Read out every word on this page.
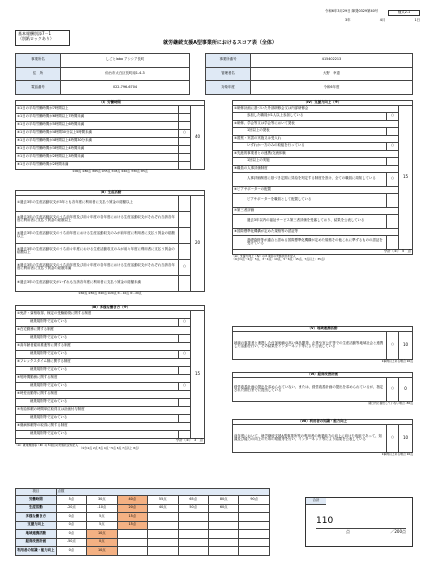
令和6年3月29日 障発0329第40号	様式2-1
3年	4月	1日
基本報酬別添7－1
（別紙ロックあり）
就労継続支援A型事業所におけるスコア表（全体）
事業所名	しごとlabo アシシア長町
住　所	仙台市太白区長町南1-4-3
電話番号	022-796-6704
事業所番号	415402213
管理者名	大野　幸恵
対象年度	令和6年度
（Ⅰ）労働時間		
①1日の平均労働時間が7時間以上		40
②1日の平均労働時間が6時間以上7時間未満		
③1日の平均労働時間が5時間以上6時間未満		
④1日の平均労働時間が4時間30分以上5時間未満	○	
⑤1日の平均労働時間が4時間以上4時間30分未満		
⑥1日の平均労働時間が3時間以上4時間未満		
⑦1日の平均労働時間が2時間以上3時間未満		
⑧1日の平均労働時間が2時間未満		
①90点 ②80点 ③65点 ④55点 ⑤45点 ⑥40点 ⑦30点 ⑧5点
（Ⅱ）生産活動		
①過去3年の生産活動収支が3年とも各年度に利用者に支払う賃金の総額以上		20
②過去3年の生産活動収支のうち前年度及び前々年度の各年度における生産活動収支がそれぞれ当該各年度に利用者に支払う賃金の総額以上		
③過去3年の生産活動収支のうち前年度における生産活動収支のみが前年度に利用者に支払う賃金の総額以上		
④過去3年の生産活動収支のうち前々年度における生産活動収支のみが前々年度に利用者に支払う賃金の総額以上		
⑤過去3年の生産活動収支のうち前年度及び前々年度の各年度における生産活動収支がそれぞれ当該各年度に利用者に支払う賃金の総額未満	○	
⑥過去3年の生産活動収支がいずれも当該各年度に利用者に支払う賃金の総額未満		
①60点 ②50点 ③40点 ④20点 ⑤－10点 ⑥－20点
（Ⅲ）多様な働き方（※）		
①免許・資格取得、検定の受験勧奨に関する制度		15
就業規則等で定めている	○	
②在宅勤務に関する制度		
就業規則等で定めている		
③高年齢者雇用推進等に関する制度		
就業規則等で定めている	○	
④フレックスタイム制に関する制度		
就業規則等で定めている		
⑤短時間勤務に関する制度		
就業規則等で定めている	○	
⑥時差出勤等に関する制度		
就業規則等で定めている		
⑦有給休暇の時間単位取得又は計画付与制度		
就業規則等で定めている		
⑧傷病休暇等の取得に関する制度		
就業規則等で定めている		
小計（①）　 3　 点		
（※）就業規則等（Ⅲ）の８項目の実施状況を記入
（①が1点 2点 3点 4点～5点 6点 7点以上 8点）
（Ⅳ）支援力向上（※）		
①研修計画に基づいた外部研修会又は内部研修会		15
参加した職員が1人以上参加している	○	
②研修、学会等又は学会等において発表		
1回以上の発表		
③視察・実習の実施又は受入れ		
いずれか一方のみの取組を行っている	○	
④先進的事業者との連携/交流体験		
1回以上の実施		
⑤職員の人事評価制度		
人事評価制度に基づき定期に昇給を判定する制度を設け、全ての職員に周知している	○	
⑥ピアサポーターの配置		
ピアサポーターを職員として配置している		
⑦第三者評価		
過去3年以内の福祉サービス第三者評価を受審しており、結果を公表している		
⑧国際標準化機構が定めた規格等の認証等		
基礎資格等が適合と認める国際標準化機構が定めた規格その他これに準ずるものの認証を受けている		
小計（①）　 5　 点		
（※）支援力向上（Ⅳ）の８項目の実施状況を記入
（①が1点～2点：5点、3～4点：10点、5～6点：15点、7点以上：35点）
（Ⅴ）地域連携活動
地域の事業者と連携した付加価値の高い商品開発、企業や官公庁等での生産活動等地域社会と連携した活動を行い、その結果をインターネット等により公表している	○	10
1事例以上ある場合 10点
（Ⅵ）経営改善計画
経営改善計画の提出を求められていない、または、経営改善計画の提出を求められているが、指定された期日までに提出している	○	0
期日内に提出していない場合 -50点
（Ⅶ）利用者の知識・能力向上
前年度において、就労継続支援A型事業所等の利用者の就業能力の向上に向けた取組であって、知識及び能力の向上のための取組等を行い、インターネット等により結果を公表している	○	10
1事例以上ある場合 10点
項目	点数						
労働時間	5点	30点	40点	55点	65点	80点	90点
生産活動	-20点	-10点	20点	40点	50点	60点	
多様な働き方	0点	5点	15点				
支援力向上	0点	5点	15点				
地域連携活動	0点	10点					
経営改善計画	-50点	0点					
利用者の知識・能力向上	0点	10点					
合計
110
点	／200点
